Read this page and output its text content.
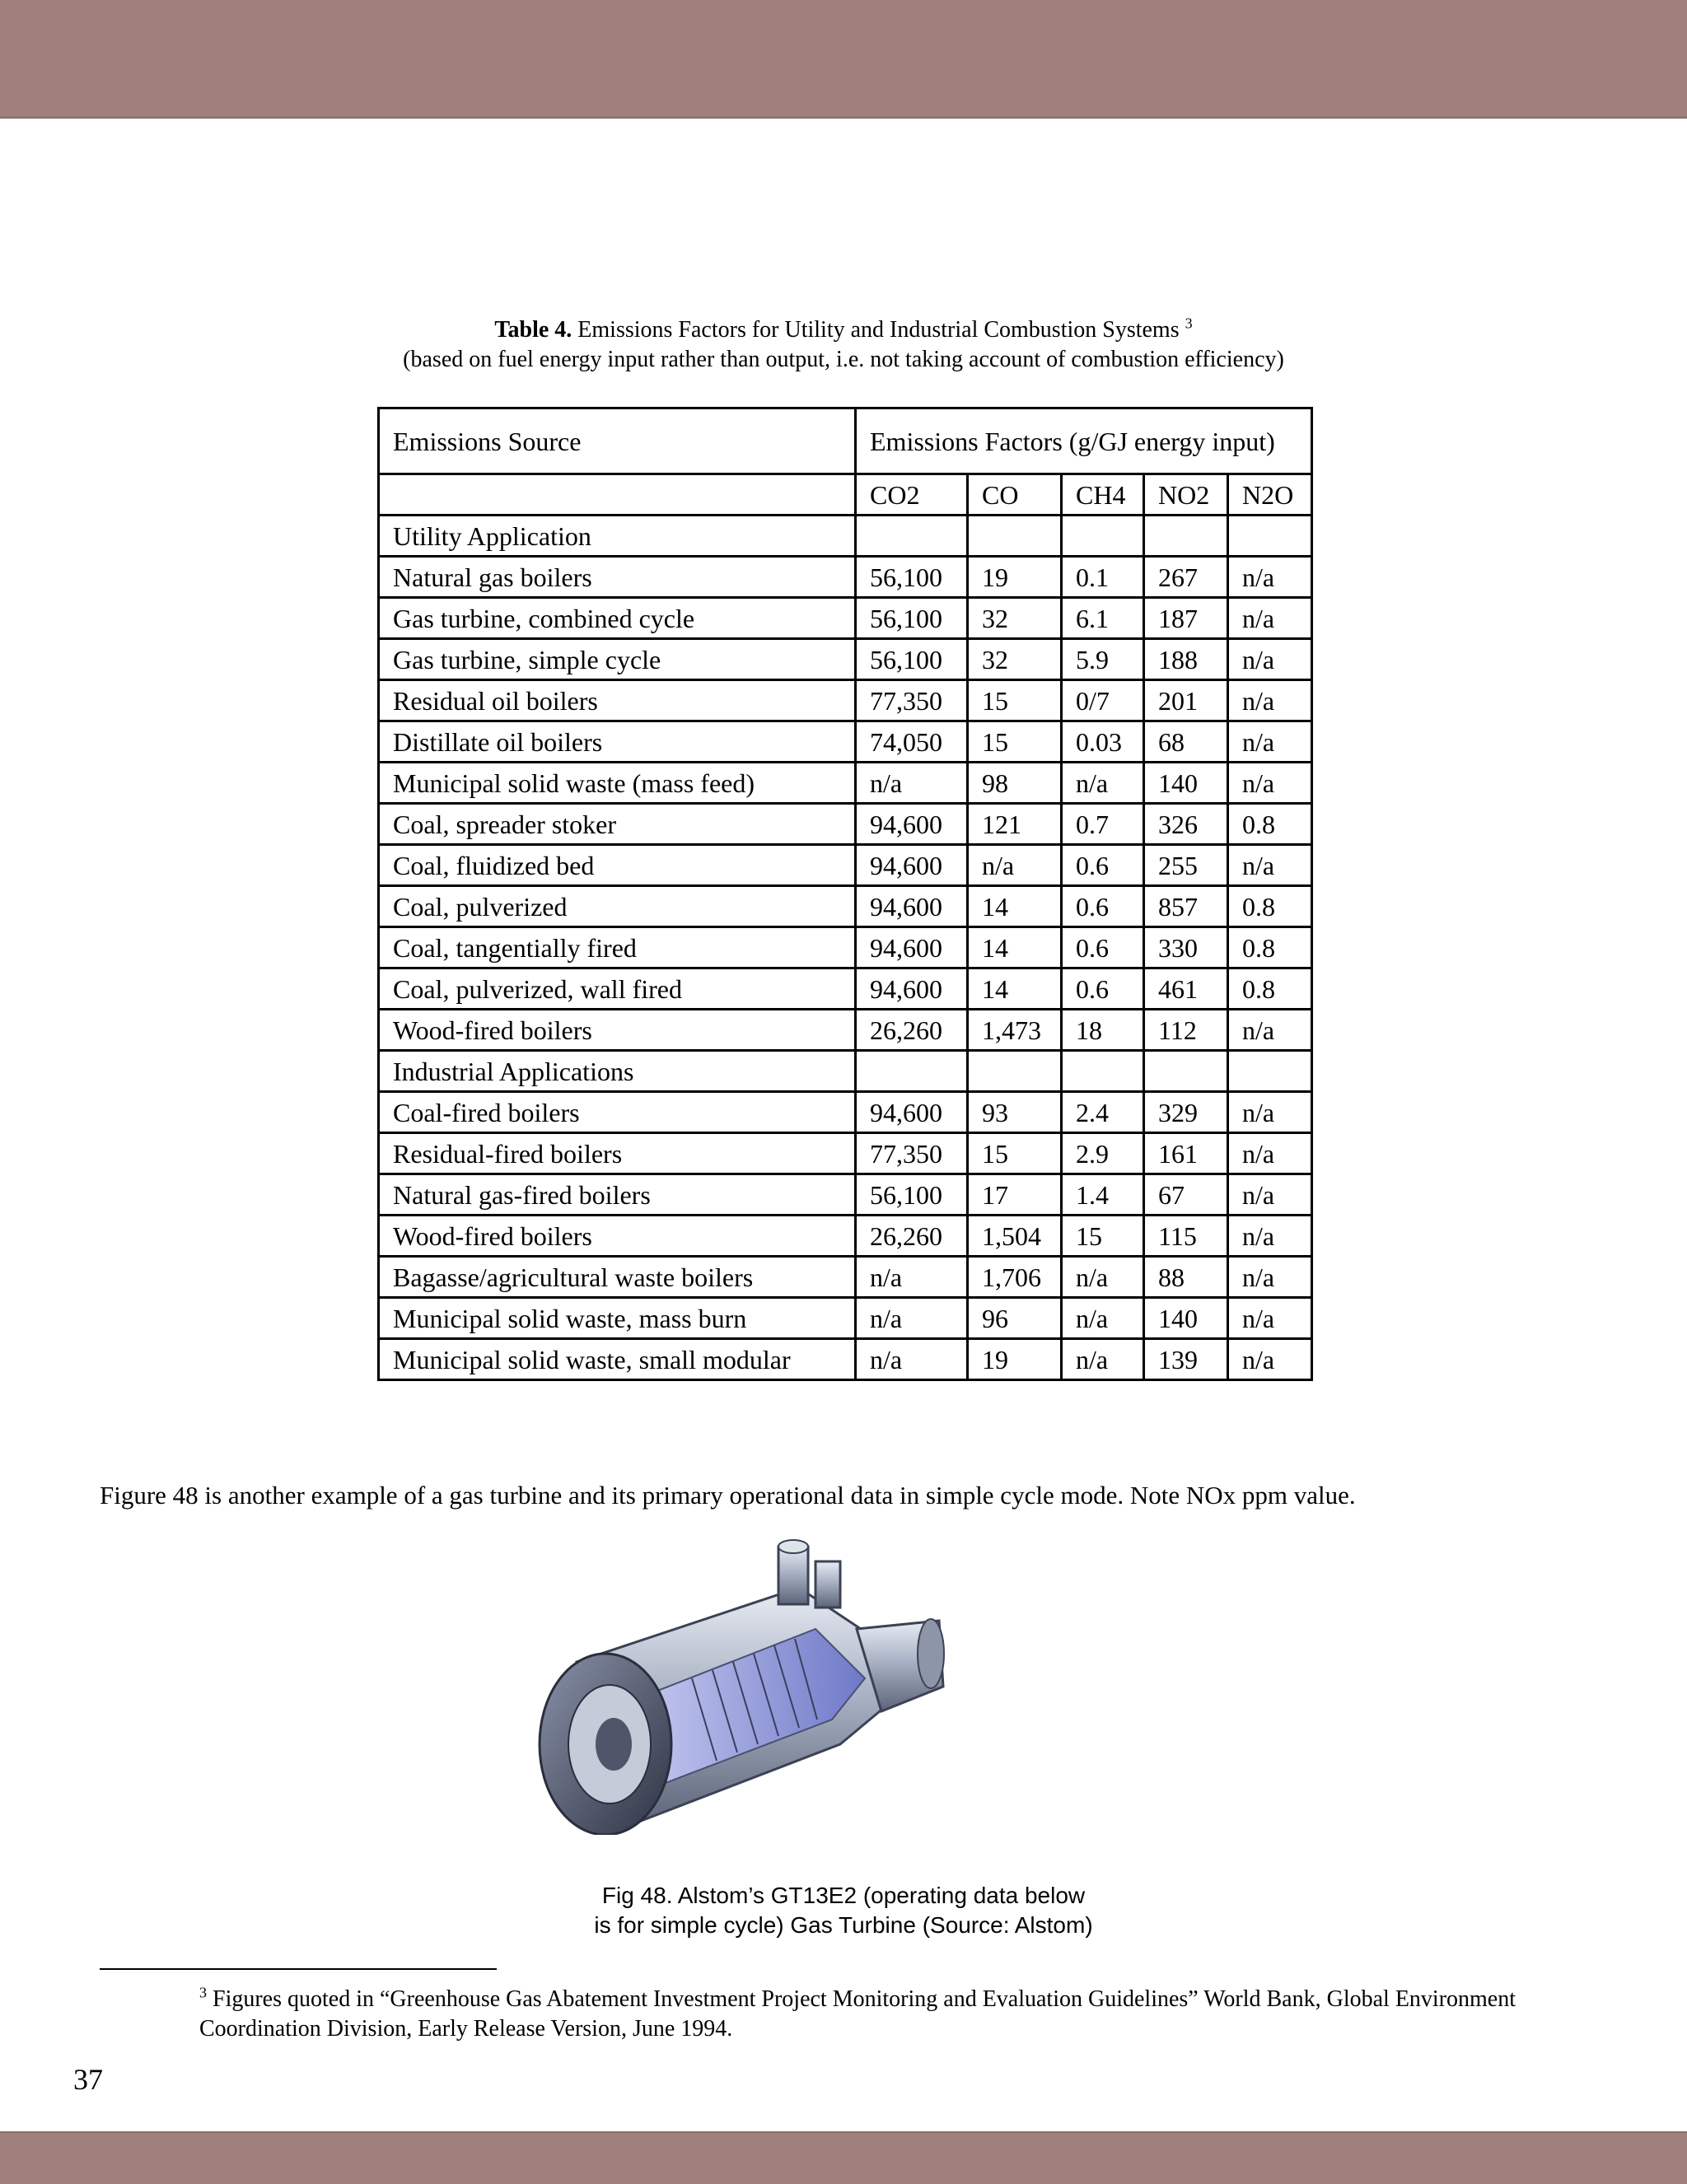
Table 4. Emissions Factors for Utility and Industrial Combustion Systems $^3$
(based on fuel energy input rather than output, i.e. not taking account of combustion efficiency)
Emissions Source	Emissions Factors (g/GJ energy input)				
	CO2	CO	CH4	NO2	N2O
Utility Application					
Natural gas boilers	56,100	19	0.1	267	n/a
Gas turbine, combined cycle	56,100	32	6.1	187	n/a
Gas turbine, simple cycle	56,100	32	5.9	188	n/a
Residual oil boilers	77,350	15	0/7	201	n/a
Distillate oil boilers	74,050	15	0.03	68	n/a
Municipal solid waste (mass feed)	n/a	98	n/a	140	n/a
Coal, spreader stoker	94,600	121	0.7	326	0.8
Coal, fluidized bed	94,600	n/a	0.6	255	n/a
Coal, pulverized	94,600	14	0.6	857	0.8
Coal, tangentially fired	94,600	14	0.6	330	0.8
Coal, pulverized, wall fired	94,600	14	0.6	461	0.8
Wood-fired boilers	26,260	1,473	18	112	n/a
Industrial Applications					
Coal-fired boilers	94,600	93	2.4	329	n/a
Residual-fired boilers	77,350	15	2.9	161	n/a
Natural gas-fired boilers	56,100	17	1.4	67	n/a
Wood-fired boilers	26,260	1,504	15	115	n/a
Bagasse/agricultural waste boilers	n/a	1,706	n/a	88	n/a
Municipal solid waste, mass burn	n/a	96	n/a	140	n/a
Municipal solid waste, small modular	n/a	19	n/a	139	n/a
Figure 48 is another example of a gas turbine and its primary operational data in simple cycle mode. Note NOx ppm value.
Fig 48. Alstom’s GT13E2 (operating data below
is for simple cycle) Gas Turbine (Source: Alstom)
$^3$ Figures quoted in “Greenhouse Gas Abatement Investment Project Monitoring and Evaluation Guidelines” World Bank, Global Environment Coordination Division, Early Release Version, June 1994.
37
